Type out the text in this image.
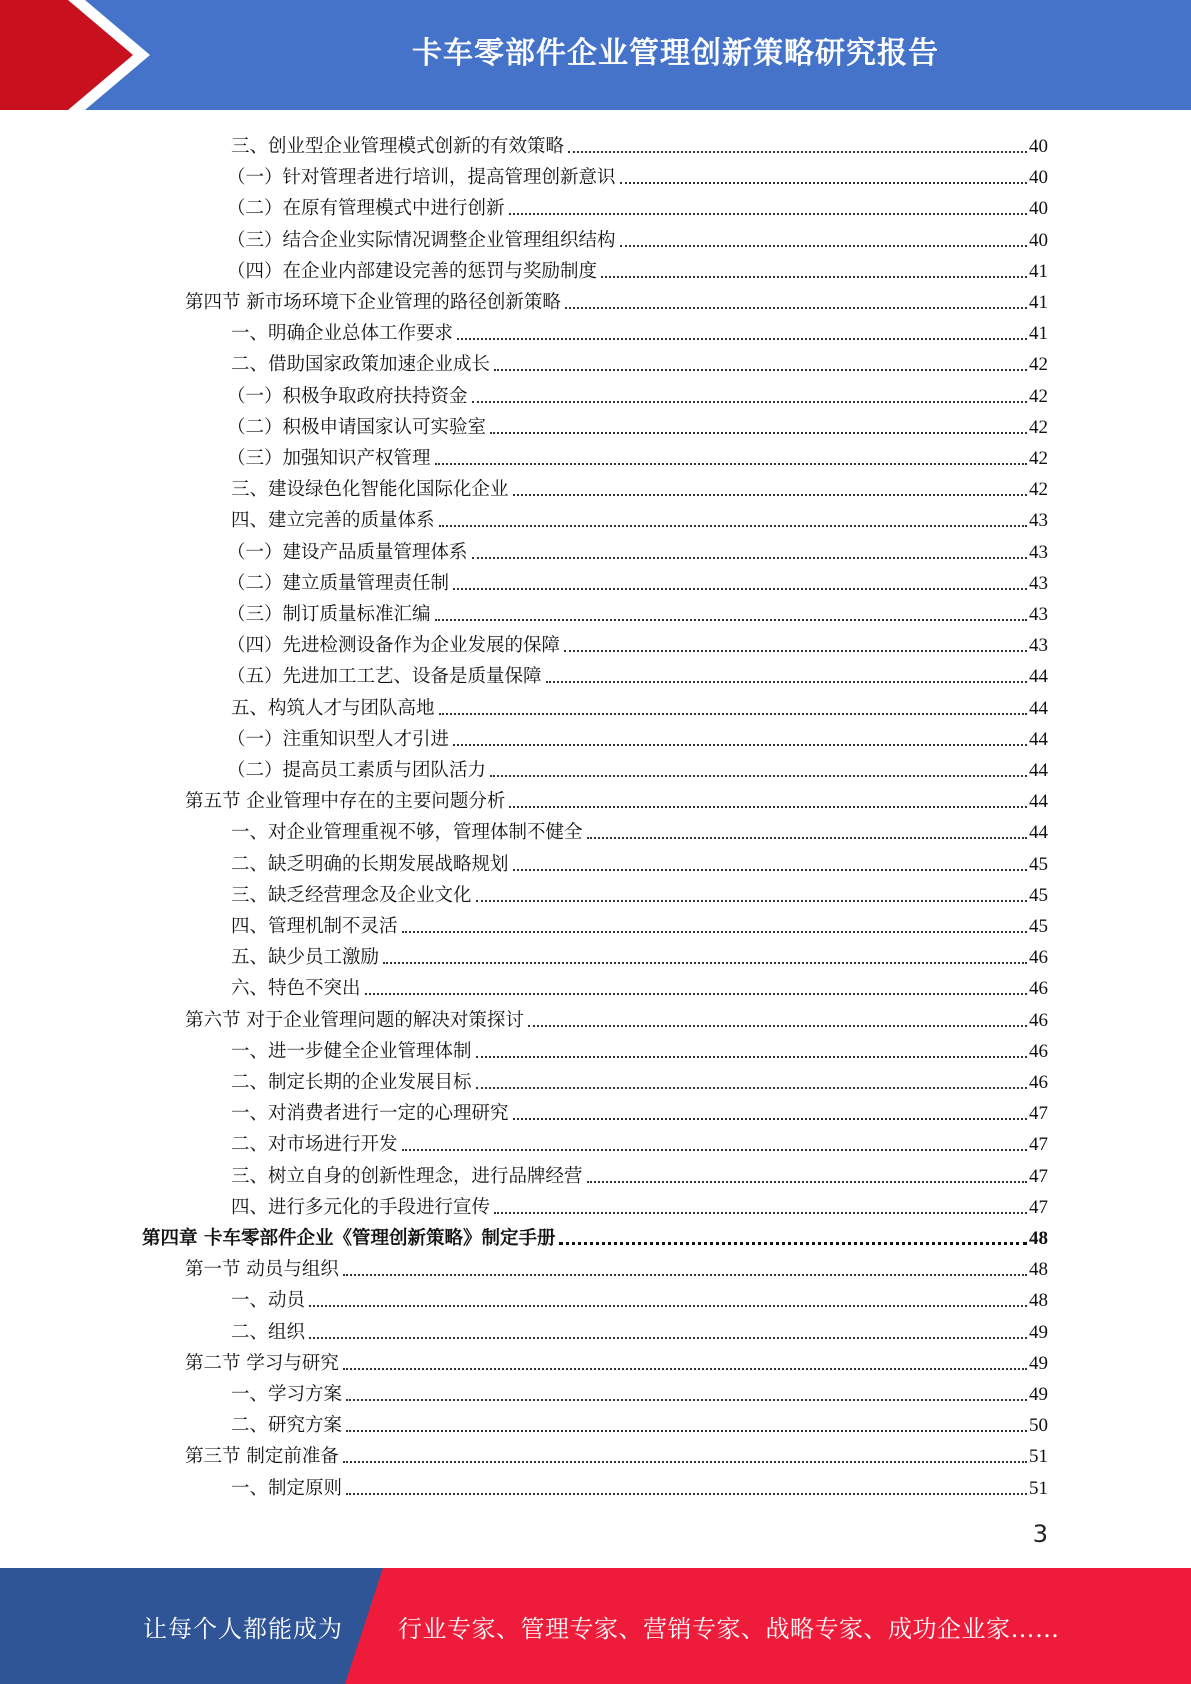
卡车零部件企业管理创新策略研究报告
三、创业型企业管理模式创新的有效策略	40
（一）针对管理者进行培训，提高管理创新意识	40
（二）在原有管理模式中进行创新	40
（三）结合企业实际情况调整企业管理组织结构	40
（四）在企业内部建设完善的惩罚与奖励制度	41
第四节 新市场环境下企业管理的路径创新策略	41
一、明确企业总体工作要求	41
二、借助国家政策加速企业成长	42
（一）积极争取政府扶持资金	42
（二）积极申请国家认可实验室	42
（三）加强知识产权管理	42
三、建设绿色化智能化国际化企业	42
四、建立完善的质量体系	43
（一）建设产品质量管理体系	43
（二）建立质量管理责任制	43
（三）制订质量标准汇编	43
（四）先进检测设备作为企业发展的保障	43
（五）先进加工工艺、设备是质量保障	44
五、构筑人才与团队高地	44
（一）注重知识型人才引进	44
（二）提高员工素质与团队活力	44
第五节 企业管理中存在的主要问题分析	44
一、对企业管理重视不够，管理体制不健全	44
二、缺乏明确的长期发展战略规划	45
三、缺乏经营理念及企业文化	45
四、管理机制不灵活	45
五、缺少员工激励	46
六、特色不突出	46
第六节 对于企业管理问题的解决对策探讨	46
一、进一步健全企业管理体制	46
二、制定长期的企业发展目标	46
一、对消费者进行一定的心理研究	47
二、对市场进行开发	47
三、树立自身的创新性理念，进行品牌经营	47
四、进行多元化的手段进行宣传	47
第四章 卡车零部件企业《管理创新策略》制定手册	48
第一节 动员与组织	48
一、动员	48
二、组织	49
第二节 学习与研究	49
一、学习方案	49
二、研究方案	50
第三节 制定前准备	51
一、制定原则	51
3
让每个人都能成为 行业专家、管理专家、营销专家、战略专家、成功企业家……
